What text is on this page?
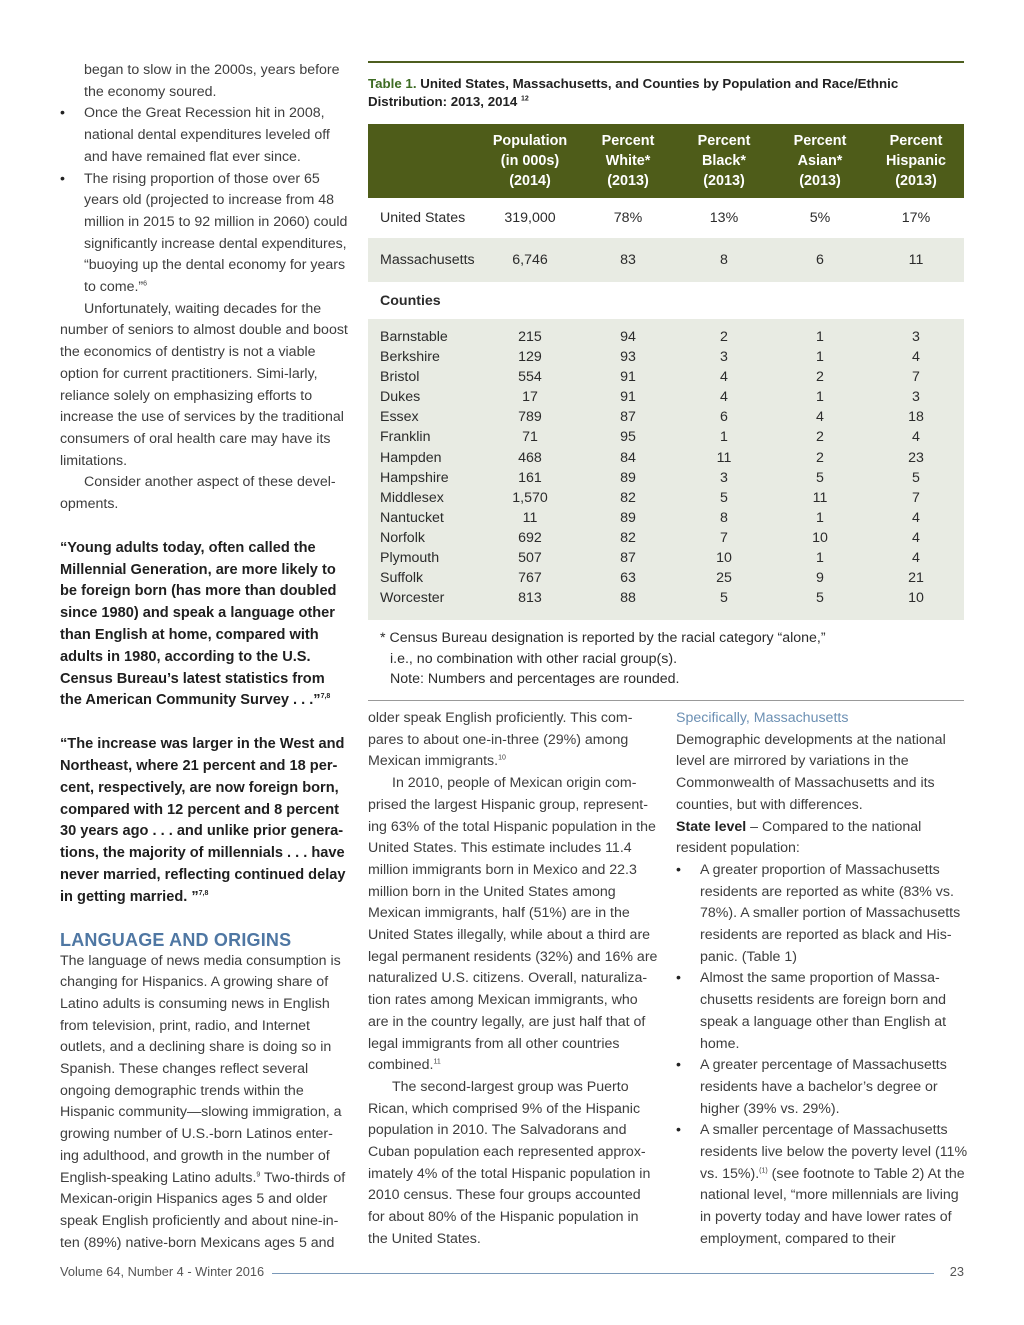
began to slow in the 2000s, years before the economy soured.

• Once the Great Recession hit in 2008, national dental expenditures leveled off and have remained flat ever since.
• The rising proportion of those over 65 years old (projected to increase from 48 million in 2015 to 92 million in 2060) could significantly increase dental expenditures, “buoying up the dental economy for years to come.”$^6$

Unfortunately, waiting decades for the number of seniors to almost double and boost the economics of dentistry is not a viable option for current practitioners. Simi-larly, reliance solely on emphasizing efforts to increase the use of services by the traditional consumers of oral health care may have its limitations.

Consider another aspect of these devel-opments.

“Young adults today, often called the Millennial Generation, are more likely to be foreign born (has more than doubled since 1980) and speak a language other than English at home, compared with adults in 1980, according to the U.S. Census Bureau’s latest statistics from the American Community Survey . . .”$^{7,8}$

“The increase was larger in the West and Northeast, where 21 percent and 18 per-cent, respectively, are now foreign born, compared with 12 percent and 8 percent 30 years ago . . . and unlike prior genera-tions, the majority of millennials . . . have never married, reflecting continued delay in getting married. ”$^{7,8}$

LANGUAGE AND ORIGINS

The language of news media consumption is changing for Hispanics. A growing share of Latino adults is consuming news in English from television, print, radio, and Internet outlets, and a declining share is doing so in Spanish. These changes reflect several ongoing demographic trends within the Hispanic community—slowing immigration, a growing number of U.S.-born Latinos enter-ing adulthood, and growth in the number of English-speaking Latino adults.$^9$ Two-thirds of Mexican-origin Hispanics ages 5 and older speak English proficiently and about nine-in-ten (89%) native-born Mexicans ages 5 and

Table 1. United States, Massachusetts, and Counties by Population and Race/Ethnic Distribution: 2013, 2014 $^{12}$
	Population (in 000s) (2014)	Percent White* (2013)	Percent Black* (2013)	Percent Asian* (2013)	Percent Hispanic (2013)
United States	319,000	78%	13%	5%	17%
Massachusetts	6,746	83	8	6	11
Counties					
Barnstable	215	94	2	1	3
Berkshire	129	93	3	1	4
Bristol	554	91	4	2	7
Dukes	17	91	4	1	3
Essex	789	87	6	4	18
Franklin	71	95	1	2	4
Hampden	468	84	11	2	23
Hampshire	161	89	3	5	5
Middlesex	1,570	82	5	11	7
Nantucket	11	89	8	1	4
Norfolk	692	82	7	10	4
Plymouth	507	87	10	1	4
Suffolk	767	63	25	9	21
Worcester	813	88	5	5	10
* Census Bureau designation is reported by the racial category “alone,”
i.e., no combination with other racial group(s).
Note: Numbers and percentages are rounded.

older speak English proficiently. This com-pares to about one-in-three (29%) among Mexican immigrants.$^{10}$

In 2010, people of Mexican origin com-prised the largest Hispanic group, represent-ing 63% of the total Hispanic population in the United States. This estimate includes 11.4 million immigrants born in Mexico and 22.3 million born in the United States among Mexican immigrants, half (51%) are in the United States illegally, while about a third are legal permanent residents (32%) and 16% are naturalized U.S. citizens. Overall, naturaliza-tion rates among Mexican immigrants, who are in the country legally, are just half that of legal immigrants from all other countries combined.$^{11}$

The second-largest group was Puerto Rican, which comprised 9% of the Hispanic population in 2010. The Salvadorans and Cuban population each represented approx-imately 4% of the total Hispanic population in 2010 census. These four groups accounted for about 80% of the Hispanic population in the United States.

Specifically, Massachusetts

Demographic developments at the national level are mirrored by variations in the Commonwealth of Massachusetts and its counties, but with differences.

State level – Compared to the national resident population:

• A greater proportion of Massachusetts residents are reported as white (83% vs. 78%). A smaller portion of Massachusetts residents are reported as black and His-panic. (Table 1)
• Almost the same proportion of Massa-chusetts residents are foreign born and speak a language other than English at home.
• A greater percentage of Massachusetts residents have a bachelor’s degree or higher (39% vs. 29%).
• A smaller percentage of Massachusetts residents live below the poverty level (11% vs. 15%).$^{(1)}$ (see footnote to Table 2) At the national level, “more millennials are living in poverty today and have lower rates of employment, compared to their
Volume 64, Number 4 - Winter 2016	23
